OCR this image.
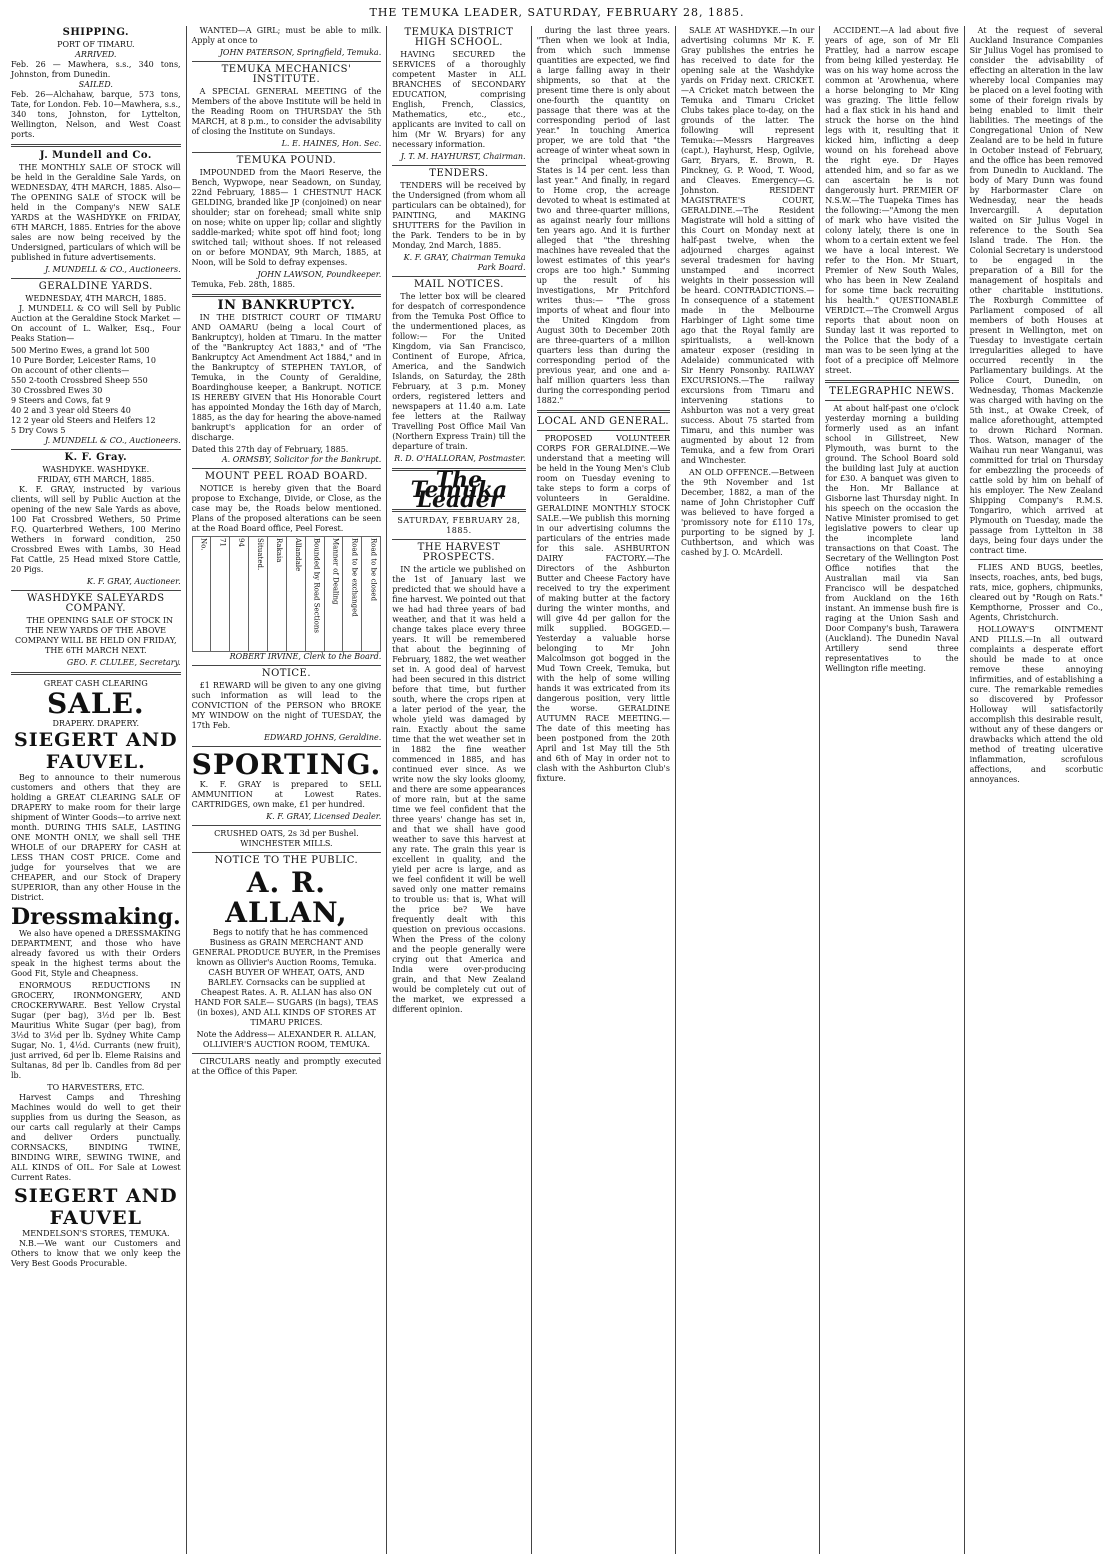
THE TEMUKA LEADER, SATURDAY, FEBRUARY 28, 1885.
SHIPPING.
PORT OF TIMARU.
ARRIVED.
Feb. 26 — Mawhera, s.s., 340 tons, Johnston, from Dunedin.
SAILED.
Feb. 26—Alchahaw, barque, 573 tons, Tate, for London. Feb. 10—Mawhera, s.s., 340 tons, Johnston, for Lyttelton, Wellington, Nelson, and West Coast ports.
J. Mundell and Co.
THE MONTHLY SALE OF STOCK will be held in the Geraldine Sale Yards, on WEDNESDAY, 4TH MARCH, 1885. Also— The OPENING SALE of STOCK will be held in the Company's NEW SALE YARDS at the WASHDYKE on FRIDAY, 6TH MARCH, 1885. Entries for the above sales are now being received by the Undersigned, particulars of which will be published in future advertisements.
J. MUNDELL & CO., Auctioneers.
GERALDINE YARDS.
WEDNESDAY, 4TH MARCH, 1885.
J. MUNDELL & CO will Sell by Public Auction at the Geraldine Stock Market — On account of L. Walker, Esq., Four Peaks Station—
500 Merino Ewes, a grand lot 500
10 Pure Border, Leicester Rams, 10
On account of other clients—
550 2-tooth Crossbred Sheep 550
30 Crossbred Ewes 30
9 Steers and Cows, fat 9
40 2 and 3 year old Steers 40
12 2 year old Steers and Heifers 12
5 Dry Cows 5
J. MUNDELL & CO., Auctioneers.
K. F. Gray.
WASHDYKE. WASHDYKE.
FRIDAY, 6TH MARCH, 1885.
K. F. GRAY, instructed by various clients, will sell by Public Auction at the opening of the new Sale Yards as above, 100 Fat Crossbred Wethers, 50 Prime F.Q. Quarterbred Wethers, 100 Merino Wethers in forward condition, 250 Crossbred Ewes with Lambs, 30 Head Fat Cattle, 25 Head mixed Store Cattle, 20 Pigs.
K. F. GRAY, Auctioneer.
WASHDYKE SALEYARDS COMPANY.
THE OPENING SALE OF STOCK IN THE NEW YARDS OF THE ABOVE COMPANY WILL BE HELD ON FRIDAY, THE 6TH MARCH NEXT.
GEO. F. CLULEE, Secretary.
GREAT CASH CLEARING
SALE.
DRAPERY. DRAPERY.
SIEGERT AND FAUVEL.
Beg to announce to their numerous customers and others that they are holding a GREAT CLEARING SALE OF DRAPERY to make room for their large shipment of Winter Goods—to arrive next month. DURING THIS SALE, LASTING ONE MONTH ONLY, we shall sell THE WHOLE of our DRAPERY for CASH at LESS THAN COST PRICE. Come and judge for yourselves that we are CHEAPER, and our Stock of Drapery SUPERIOR, than any other House in the District.
Dressmaking.
We also have opened a DRESSMAKING DEPARTMENT, and those who have already favored us with their Orders speak in the highest terms about the Good Fit, Style and Cheapness.
ENORMOUS REDUCTIONS IN GROCERY, IRONMONGERY, AND CROCKERYWARE. Best Yellow Crystal Sugar (per bag), 3½d per lb. Best Mauritius White Sugar (per bag), from 3½d to 3½d per lb. Sydney White Camp Sugar, No. 1, 4½d. Currants (new fruit), just arrived, 6d per lb. Eleme Raisins and Sultanas, 8d per lb. Candles from 8d per lb.
TO HARVESTERS, ETC.
Harvest Camps and Threshing Machines would do well to get their supplies from us during the Season, as our carts call regularly at their Camps and deliver Orders punctually. CORNSACKS, BINDING TWINE, BINDING WIRE, SEWING TWINE, and ALL KINDS of OIL. For Sale at Lowest Current Rates.
SIEGERT AND FAUVEL
MENDELSON'S STORES, TEMUKA.
N.B.—We want our Customers and Others to know that we only keep the Very Best Goods Procurable.
WANTED—A GIRL; must be able to milk. Apply at once to
JOHN PATERSON, Springfield, Temuka.
TEMUKA MECHANICS' INSTITUTE.
A SPECIAL GENERAL MEETING of the Members of the above Institute will be held in the Reading Room on THURSDAY the 5th MARCH, at 8 p.m., to consider the advisability of closing the Institute on Sundays.
L. E. HAINES, Hon. Sec.
TEMUKA POUND.
IMPOUNDED from the Maori Reserve, the Bench, Wypwope, near Seadown, on Sunday, 22nd February, 1885— 1 CHESTNUT HACK GELDING, branded like JP (conjoined) on near shoulder; star on forehead; small white snip on nose; white on upper lip; collar and slightly saddle-marked; white spot off hind foot; long switched tail; without shoes. If not released on or before MONDAY, 9th March, 1885, at Noon, will be Sold to defray expenses.
JOHN LAWSON, Poundkeeper.
Temuka, Feb. 28th, 1885.
IN BANKRUPTCY.
IN THE DISTRICT COURT OF TIMARU AND OAMARU (being a local Court of Bankruptcy), holden at Timaru. In the matter of the "Bankruptcy Act 1883," and of "The Bankruptcy Act Amendment Act 1884," and in the Bankruptcy of STEPHEN TAYLOR, of Temuka, in the County of Geraldine, Boardinghouse keeper, a Bankrupt. NOTICE IS HEREBY GIVEN that His Honorable Court has appointed Monday the 16th day of March, 1885, as the day for hearing the above-named bankrupt's application for an order of discharge.
Dated this 27th day of February, 1885.
A. ORMSBY, Solicitor for the Bankrupt.
MOUNT PEEL ROAD BOARD.
NOTICE is hereby given that the Board propose to Exchange, Divide, or Close, as the case may be, the Roads below mentioned. Plans of the proposed alterations can be seen at the Road Board office, Peel Forest.
No.	71	94	Situated.	Rakaia	Allandale	Bounded by Road Sections	Manner of Dealing	Road to be exchanged	Road to be closed
ROBERT IRVINE, Clerk to the Board.
NOTICE.
£1 REWARD will be given to any one giving such information as will lead to the CONVICTION of the PERSON who BROKE MY WINDOW on the night of TUESDAY, the 17th Feb.
EDWARD JOHNS, Geraldine.
SPORTING.
K. F. GRAY is prepared to SELL AMMUNITION at Lowest Rates. CARTRIDGES, own make, £1 per hundred.
K. F. GRAY, Licensed Dealer.
CRUSHED OATS, 2s 3d per Bushel.
WINCHESTER MILLS.
NOTICE TO THE PUBLIC.
A. R. ALLAN,
Begs to notify that he has commenced Business as GRAIN MERCHANT AND GENERAL PRODUCE BUYER, in the Premises known as Ollivier's Auction Rooms, Temuka. CASH BUYER OF WHEAT, OATS, AND BARLEY. Cornsacks can be supplied at Cheapest Rates. A. R. ALLAN has also ON HAND FOR SALE— SUGARS (in bags), TEAS (in boxes), AND ALL KINDS OF STORES AT TIMARU PRICES.
Note the Address— ALEXANDER R. ALLAN, OLLIVIER'S AUCTION ROOM, TEMUKA.
CIRCULARS neatly and promptly executed at the Office of this Paper.
TEMUKA DISTRICT HIGH SCHOOL.
HAVING SECURED the SERVICES of a thoroughly competent Master in ALL BRANCHES of SECONDARY EDUCATION, comprising English, French, Classics, Mathematics, etc., etc., applicants are invited to call on him (Mr W. Bryars) for any necessary information.
J. T. M. HAYHURST, Chairman.
TENDERS.
TENDERS will be received by the Undersigned (from whom all particulars can be obtained), for PAINTING, and MAKING SHUTTERS for the Pavilion in the Park. Tenders to be in by Monday, 2nd March, 1885.
K. F. GRAY, Chairman Temuka Park Board.
MAIL NOTICES.
The letter box will be cleared for despatch of correspondence from the Temuka Post Office to the undermentioned places, as follow:— For the United Kingdom, via San Francisco, Continent of Europe, Africa, America, and the Sandwich Islands, on Saturday, the 28th February, at 3 p.m. Money orders, registered letters and newspapers at 11.40 a.m. Late fee letters at the Railway Travelling Post Office Mail Van (Northern Express Train) till the departure of train.
R. D. O'HALLORAN, Postmaster.
The Temuka Leader
SATURDAY, FEBRUARY 28, 1885.
THE HARVEST PROSPECTS.
IN the article we published on the 1st of January last we predicted that we should have a fine harvest. We pointed out that we had had three years of bad weather, and that it was held a change takes place every three years. It will be remembered that about the beginning of February, 1882, the wet weather set in. A good deal of harvest had been secured in this district before that time, but further south, where the crops ripen at a later period of the year, the whole yield was damaged by rain. Exactly about the same time that the wet weather set in in 1882 the fine weather commenced in 1885, and has continued ever since. As we write now the sky looks gloomy, and there are some appearances of more rain, but at the same time we feel confident that the three years' change has set in, and that we shall have good weather to save this harvest at any rate. The grain this year is excellent in quality, and the yield per acre is large, and as we feel confident it will be well saved only one matter remains to trouble us: that is, What will the price be? We have frequently dealt with this question on previous occasions. When the Press of the colony and the people generally were crying out that America and India were over-producing grain, and that New Zealand would be completely cut out of the market, we expressed a different opinion.
during the last three years. "Then when we look at India, from which such immense quantities are expected, we find a large falling away in their shipments, so that at the present time there is only about one-fourth the quantity on passage that there was at the corresponding period of last year." In touching America proper, we are told that "the acreage of winter wheat sown in the principal wheat-growing States is 14 per cent. less than last year." And finally, in regard to Home crop, the acreage devoted to wheat is estimated at two and three-quarter millions, as against nearly four millions ten years ago. And it is further alleged that "the threshing machines have revealed that the lowest estimates of this year's crops are too high." Summing up the result of his investigations, Mr Pritchford writes thus:— "The gross imports of wheat and flour into the United Kingdom from August 30th to December 20th are three-quarters of a million quarters less than during the corresponding period of the previous year, and one and a-half million quarters less than during the corresponding period 1882."
LOCAL AND GENERAL.
PROPOSED VOLUNTEER CORPS FOR GERALDINE.—We understand that a meeting will be held in the Young Men's Club room on Tuesday evening to take steps to form a corps of volunteers in Geraldine. GERALDINE MONTHLY STOCK SALE.—We publish this morning in our advertising columns the particulars of the entries made for this sale. ASHBURTON DAIRY FACTORY.—The Directors of the Ashburton Butter and Cheese Factory have received to try the experiment of making butter at the factory during the winter months, and will give 4d per gallon for the milk supplied. BOGGED.—Yesterday a valuable horse belonging to Mr John Malcolmson got bogged in the Mud Town Creek, Temuka, but with the help of some willing hands it was extricated from its dangerous position, very little the worse. GERALDINE AUTUMN RACE MEETING.—The date of this meeting has been postponed from the 20th April and 1st May till the 5th and 6th of May in order not to clash with the Ashburton Club's fixture.
SALE AT WASHDYKE.—In our advertising columns Mr K. F. Gray publishes the entries he has received to date for the opening sale at the Washdyke yards on Friday next. CRICKET.—A Cricket match between the Temuka and Timaru Cricket Clubs takes place to-day, on the grounds of the latter. The following will represent Temuka:—Messrs Hargreaves (capt.), Hayhurst, Hesp, Ogilvie, Garr, Bryars, E. Brown, R. Pinckney, G. P. Wood, T. Wood, and Cleaves. Emergency—G. Johnston. RESIDENT MAGISTRATE'S COURT, GERALDINE.—The Resident Magistrate will hold a sitting of this Court on Monday next at half-past twelve, when the adjourned charges against several tradesmen for having unstamped and incorrect weights in their possession will be heard. CONTRADICTIONS.—In consequence of a statement made in the Melbourne Harbinger of Light some time ago that the Royal family are spiritualists, a well-known amateur exposer (residing in Adelaide) communicated with Sir Henry Ponsonby. RAILWAY EXCURSIONS.—The railway excursions from Timaru and intervening stations to Ashburton was not a very great success. About 75 started from Timaru, and this number was augmented by about 12 from Temuka, and a few from Orari and Winchester.
AN OLD OFFENCE.—Between the 9th November and 1st December, 1882, a man of the name of John Christopher Cuff was believed to have forged a 'promissory note for £110 17s, purporting to be signed by J. Cuthbertson, and which was cashed by J. O. McArdell.
ACCIDENT.—A lad about five years of age, son of Mr Eli Prattley, had a narrow escape from being killed yesterday. He was on his way home across the common at 'Arowhenua, where a horse belonging to Mr King was grazing. The little fellow had a flax stick in his hand and struck the horse on the hind legs with it, resulting that it kicked him, inflicting a deep wound on his forehead above the right eye. Dr Hayes attended him, and so far as we can ascertain he is not dangerously hurt. PREMIER OF N.S.W.—The Tuapeka Times has the following:—"Among the men of mark who have visited the colony lately, there is one in whom to a certain extent we feel we have a local interest. We refer to the Hon. Mr Stuart, Premier of New South Wales, who has been in New Zealand for some time back recruiting his health." QUESTIONABLE VERDICT.—The Cromwell Argus reports that about noon on Sunday last it was reported to the Police that the body of a man was to be seen lying at the foot of a precipice off Melmore street.
TELEGRAPHIC NEWS.
At about half-past one o'clock yesterday morning a building formerly used as an infant school in Gillstreet, New Plymouth, was burnt to the ground. The School Board sold the building last July at auction for £30. A banquet was given to the Hon. Mr Ballance at Gisborne last Thursday night. In his speech on the occasion the Native Minister promised to get legislative powers to clear up the incomplete land transactions on that Coast. The Secretary of the Wellington Post Office notifies that the Australian mail via San Francisco will be despatched from Auckland on the 16th instant. An immense bush fire is raging at the Union Sash and Door Company's bush, Tarawera (Auckland). The Dunedin Naval Artillery send three representatives to the Wellington rifle meeting.
At the request of several Auckland Insurance Companies Sir Julius Vogel has promised to consider the advisability of effecting an alteration in the law whereby local Companies may be placed on a level footing with some of their foreign rivals by being enabled to limit their liabilities. The meetings of the Congregational Union of New Zealand are to be held in future in October instead of February, and the office has been removed from Dunedin to Auckland. The body of Mary Dunn was found by Harbormaster Clare on Wednesday, near the heads Invercargill. A deputation waited on Sir Julius Vogel in reference to the South Sea Island trade. The Hon. the Colonial Secretary is understood to be engaged in the preparation of a Bill for the management of hospitals and other charitable institutions. The Roxburgh Committee of Parliament composed of all members of both Houses at present in Wellington, met on Tuesday to investigate certain irregularities alleged to have occurred recently in the Parliamentary buildings. At the Police Court, Dunedin, on Wednesday, Thomas Mackenzie was charged with having on the 5th inst., at Owake Creek, of malice aforethought, attempted to drown Richard Norman. Thos. Watson, manager of the Waihau run near Wanganui, was committed for trial on Thursday for embezzling the proceeds of cattle sold by him on behalf of his employer. The New Zealand Shipping Company's R.M.S. Tongariro, which arrived at Plymouth on Tuesday, made the passage from Lyttelton in 38 days, being four days under the contract time.
FLIES AND BUGS, beetles, insects, roaches, ants, bed bugs, rats, mice, gophers, chipmunks, cleared out by "Rough on Rats." Kempthorne, Prosser and Co., Agents, Christchurch.
HOLLOWAY'S OINTMENT AND PILLS.—In all outward complaints a desperate effort should be made to at once remove these annoying infirmities, and of establishing a cure. The remarkable remedies so discovered by Professor Holloway will satisfactorily accomplish this desirable result, without any of these dangers or drawbacks which attend the old method of treating ulcerative inflammation, scrofulous affections, and scorbutic annoyances.
